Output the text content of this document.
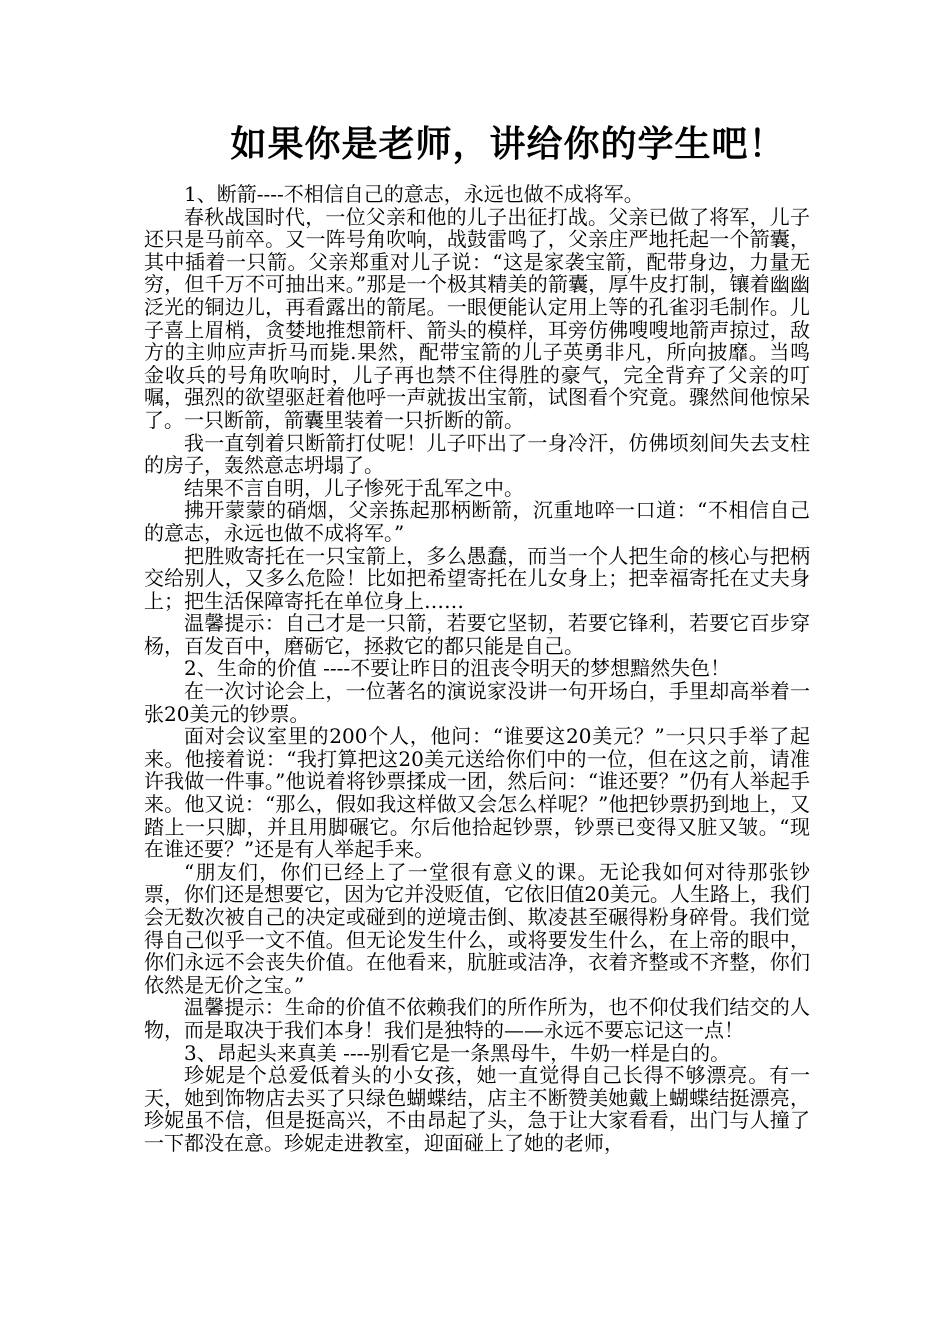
如果你是老师，讲给你的学生吧！

1、断箭----不相信自己的意志，永远也做不成将军。

春秋战国时代，一位父亲和他的儿子出征打战。父亲已做了将军，儿子还只是马前卒。又一阵号角吹响，战鼓雷鸣了，父亲庄严地托起一个箭囊，其中插着一只箭。父亲郑重对儿子说：“这是家袭宝箭，配带身边，力量无穷，但千万不可抽出来。”那是一个极其精美的箭囊，厚牛皮打制，镶着幽幽泛光的铜边儿，再看露出的箭尾。一眼便能认定用上等的孔雀羽毛制作。儿子喜上眉梢，贪婪地推想箭杆、箭头的模样，耳旁仿佛嗖嗖地箭声掠过，敌方的主帅应声折马而毙.果然，配带宝箭的儿子英勇非凡，所向披靡。当鸣金收兵的号角吹响时，儿子再也禁不住得胜的豪气，完全背弃了父亲的叮嘱，强烈的欲望驱赶着他呼一声就拔出宝箭，试图看个究竟。骤然间他惊呆了。一只断箭，箭囊里装着一只折断的箭。

我一直刳着只断箭打仗呢！儿子吓出了一身冷汗，仿佛顷刻间失去支柱的房子，轰然意志坍塌了。

结果不言自明，儿子惨死于乱军之中。

拂开蒙蒙的硝烟，父亲拣起那柄断箭，沉重地啐一口道：“不相信自己的意志，永远也做不成将军。”

把胜败寄托在一只宝箭上，多么愚蠢，而当一个人把生命的核心与把柄交给别人，又多么危险！比如把希望寄托在儿女身上；把幸福寄托在丈夫身上；把生活保障寄托在单位身上……

温馨提示：自己才是一只箭，若要它坚韧，若要它锋利，若要它百步穿杨，百发百中，磨砺它，拯救它的都只能是自己。

2、生命的价值 ----不要让昨日的沮丧令明天的梦想黯然失色！

在一次讨论会上，一位著名的演说家没讲一句开场白，手里却高举着一张20美元的钞票。

面对会议室里的200个人，他问：“谁要这20美元？”一只只手举了起来。他接着说：“我打算把这20美元送给你们中的一位，但在这之前，请准许我做一件事。”他说着将钞票揉成一团，然后问：“谁还要？”仍有人举起手来。他又说：“那么，假如我这样做又会怎么样呢？”他把钞票扔到地上，又踏上一只脚，并且用脚碾它。尔后他拾起钞票，钞票已变得又脏又皱。“现在谁还要？”还是有人举起手来。

“朋友们，你们已经上了一堂很有意义的课。无论我如何对待那张钞票，你们还是想要它，因为它并没贬值，它依旧值20美元。人生路上，我们会无数次被自己的决定或碰到的逆境击倒、欺凌甚至碾得粉身碎骨。我们觉得自己似乎一文不值。但无论发生什么，或将要发生什么，在上帝的眼中，你们永远不会丧失价值。在他看来，肮脏或洁净，衣着齐整或不齐整，你们依然是无价之宝。”

温馨提示：生命的价值不依赖我们的所作所为，也不仰仗我们结交的人物，而是取决于我们本身！我们是独特的——永远不要忘记这一点！

3、昂起头来真美 ----别看它是一条黑母牛，牛奶一样是白的。

珍妮是个总爱低着头的小女孩，她一直觉得自己长得不够漂亮。有一天，她到饰物店去买了只绿色蝴蝶结，店主不断赞美她戴上蝴蝶结挺漂亮，珍妮虽不信，但是挺高兴，不由昂起了头，急于让大家看看，出门与人撞了一下都没在意。珍妮走进教室，迎面碰上了她的老师，
